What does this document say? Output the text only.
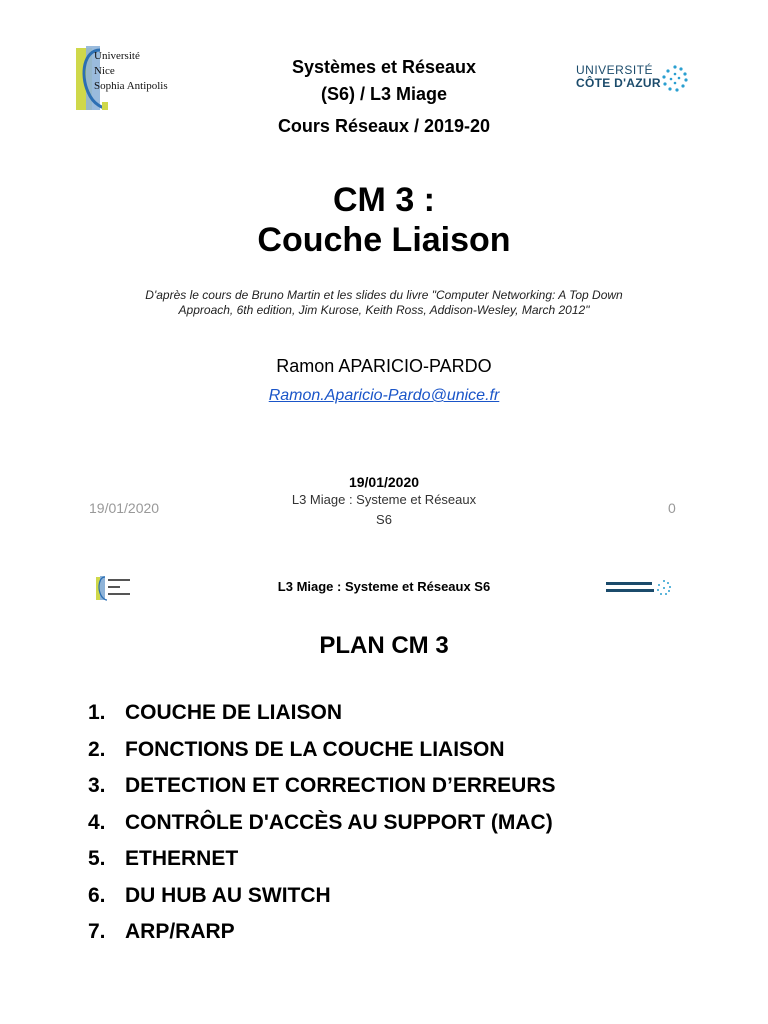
Université
Nice
Sophia Antipolis
UNIVERSITÉ
CÔTE D'AZUR
Systèmes et Réseaux
(S6) / L3 Miage
Cours Réseaux / 2019-20
CM 3 :
Couche Liaison
D'après le cours de Bruno Martin et les slides du livre "Computer Networking: A Top Down
Approach, 6th edition, Jim Kurose, Keith Ross, Addison-Wesley, March 2012"
Ramon APARICIO-PARDO
Ramon.Aparicio-Pardo@unice.fr
19/01/2020
L3 Miage : Systeme et Réseaux
S6
19/01/2020	0
L3 Miage : Systeme et Réseaux S6
PLAN CM 3
1. COUCHE DE LIAISON
2. FONCTIONS DE LA COUCHE LIAISON
3. DETECTION ET CORRECTION D’ERREURS
4. CONTRÔLE D'ACCÈS AU SUPPORT (MAC)
5. ETHERNET
6. DU HUB AU SWITCH
7. ARP/RARP
